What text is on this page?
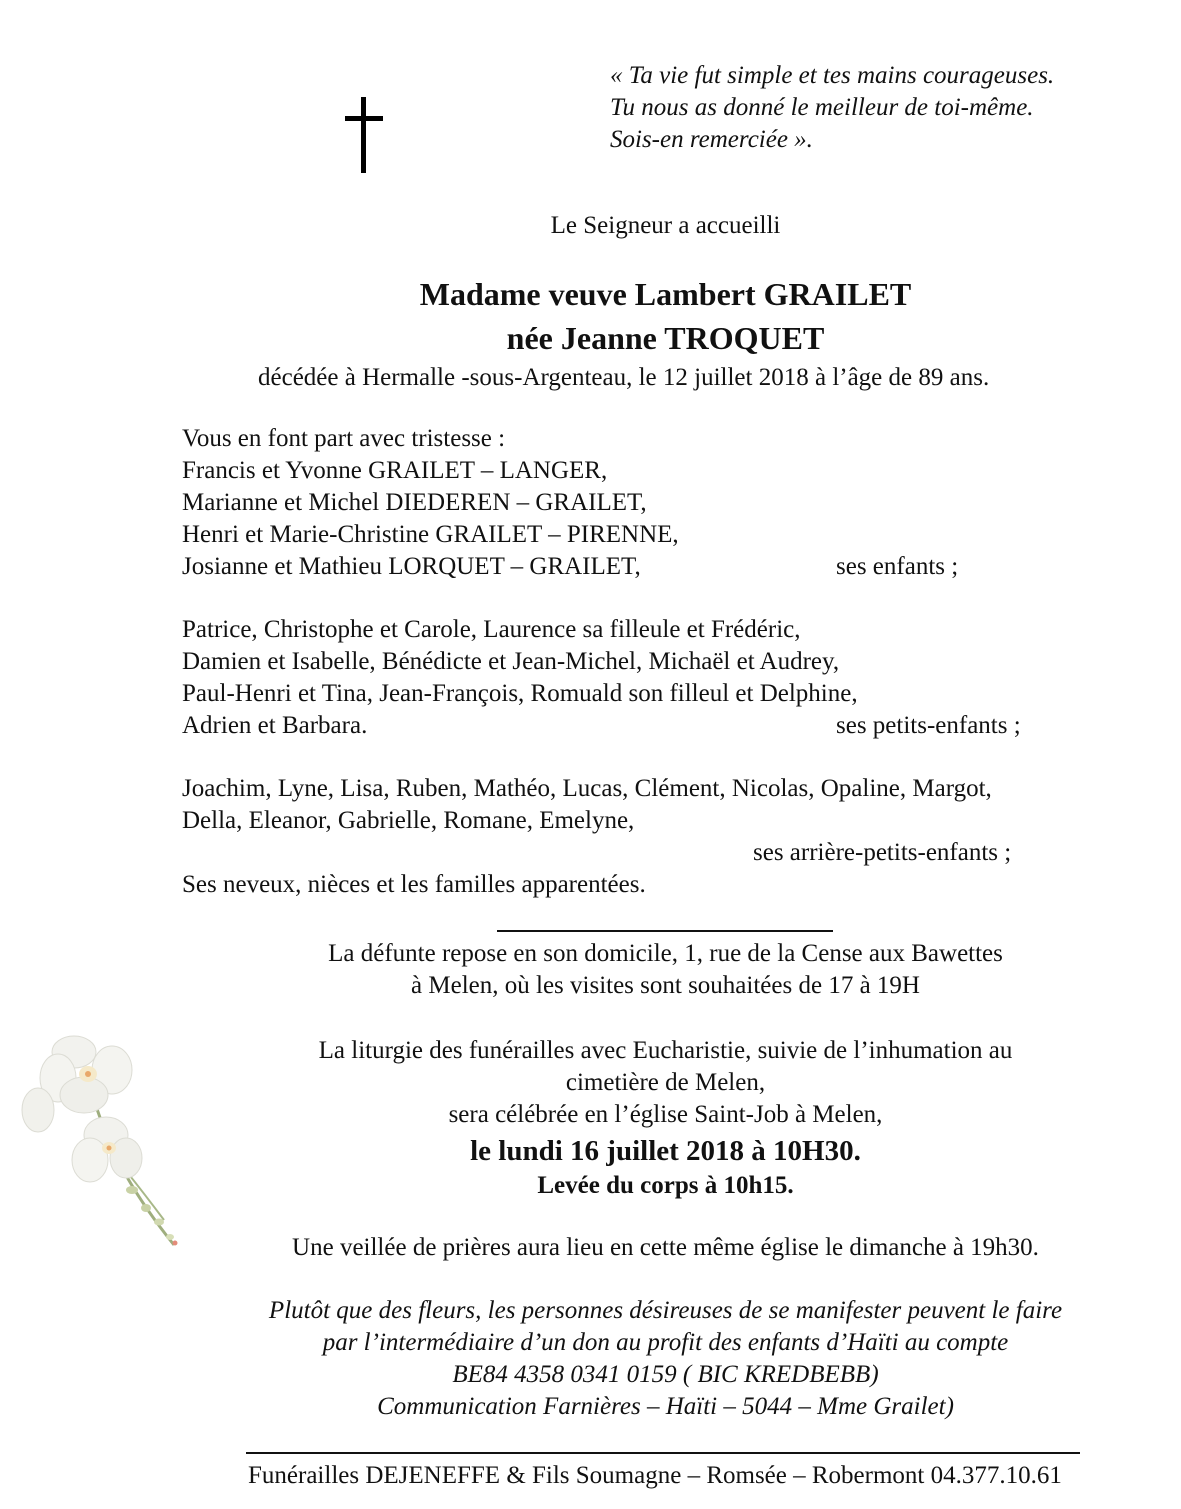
« Ta vie fut simple et tes mains courageuses.
Tu nous as donné le meilleur de toi-même.
Sois-en remerciée ».
Le Seigneur a accueilli
Madame veuve Lambert GRAILET
née Jeanne TROQUET
décédée à Hermalle -sous-Argenteau, le 12 juillet 2018 à l’âge de 89 ans.
Vous en font part avec tristesse :
Francis et Yvonne GRAILET – LANGER,
Marianne et Michel DIEDEREN – GRAILET,
Henri et Marie-Christine GRAILET – PIRENNE,
Josianne et Mathieu LORQUET – GRAILET,	ses enfants ;
Patrice, Christophe et Carole, Laurence sa filleule et Frédéric,
Damien et Isabelle, Bénédicte et Jean-Michel, Michaël et Audrey,
Paul-Henri et Tina, Jean-François, Romuald son filleul et Delphine,
Adrien et Barbara.	ses petits-enfants ;
Joachim, Lyne, Lisa, Ruben, Mathéo, Lucas, Clément, Nicolas, Opaline, Margot,
Della, Eleanor, Gabrielle, Romane, Emelyne,
ses arrière-petits-enfants ;
Ses neveux, nièces et les familles apparentées.
La défunte repose en son domicile, 1, rue de la Cense aux Bawettes
à Melen, où les visites sont souhaitées de 17 à 19H
La liturgie des funérailles avec Eucharistie, suivie de l’inhumation au
cimetière de Melen,
sera célébrée en l’église Saint-Job à Melen,
le lundi 16 juillet 2018 à 10H30.
Levée du corps à 10h15.
Une veillée de prières aura lieu en cette même église le dimanche à 19h30.
Plutôt que des fleurs, les personnes désireuses de se manifester peuvent le faire
par l’intermédiaire d’un don au profit des enfants d’Haïti au compte
BE84 4358 0341 0159 ( BIC KREDBEBB)
Communication Farnières – Haïti – 5044 – Mme Grailet)
Funérailles DEJENEFFE & Fils Soumagne – Romsée – Robermont 04.377.10.61
